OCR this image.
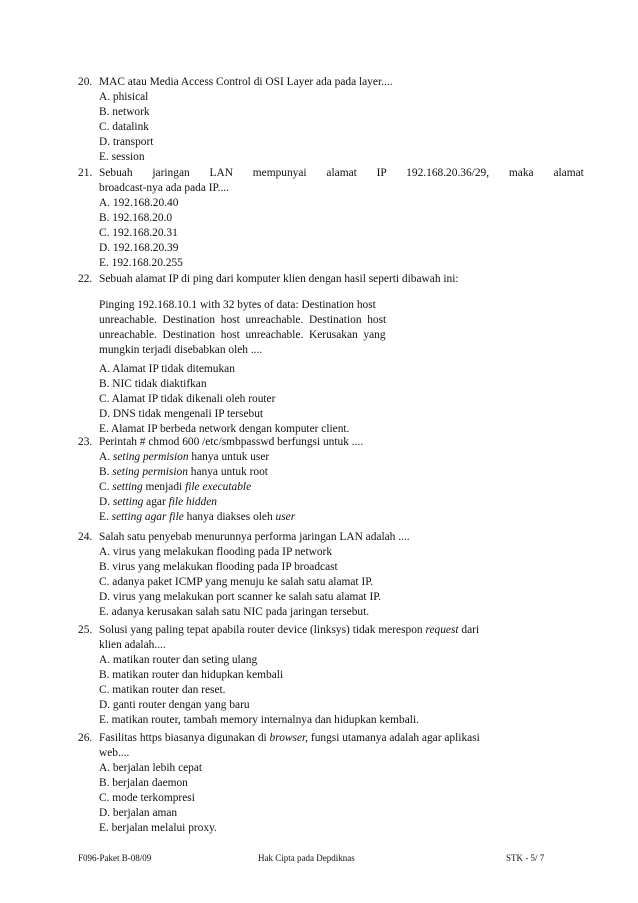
20. MAC atau Media Access Control di OSI Layer ada pada layer....
A. phisical
B. network
C. datalink
D. transport
E. session
21. Sebuah jaringan LAN mempunyai alamat IP 192.168.20.36/29, maka alamat
broadcast-nya ada pada IP....
A. 192.168.20.40
B. 192.168.20.0
C. 192.168.20.31
D. 192.168.20.39
E. 192.168.20.255
22. Sebuah alamat IP di ping dari komputer klien dengan hasil seperti dibawah ini:
Pinging 192.168.10.1 with 32 bytes of data: Destination host
unreachable.  Destination  host  unreachable.  Destination  host
unreachable.  Destination  host  unreachable.  Kerusakan  yang
mungkin terjadi disebabkan oleh ....
A. Alamat IP tidak ditemukan
B. NIC tidak diaktifkan
C. Alamat IP tidak dikenali oleh router
D. DNS tidak mengenali IP tersebut
E. Alamat IP berbeda network dengan komputer client.
23. Perintah # chmod 600 /etc/smbpasswd berfungsi untuk ....
A. seting permision hanya untuk user
B. seting permision hanya untuk root
C. setting menjadi file executable
D. setting agar file hidden
E. setting agar file hanya diakses oleh user
24. Salah satu penyebab menurunnya performa jaringan LAN adalah ....
A. virus yang melakukan flooding pada IP network
B. virus yang melakukan flooding pada IP broadcast
C. adanya paket ICMP yang menuju ke salah satu alamat IP.
D. virus yang melakukan port scanner ke salah satu alamat IP.
E. adanya kerusakan salah satu NIC pada jaringan tersebut.
25. Solusi yang paling tepat apabila router device (linksys) tidak merespon request dari
klien adalah....
A. matikan router dan seting ulang
B. matikan router dan hidupkan kembali
C. matikan router dan reset.
D. ganti router dengan yang baru
E. matikan router, tambah memory internalnya dan hidupkan kembali.
26. Fasilitas https biasanya digunakan di browser, fungsi utamanya adalah agar aplikasi
web....
A. berjalan lebih cepat
B. berjalan daemon
C. mode terkompresi
D. berjalan aman
E. berjalan melalui proxy.
F096-Paket B-08/09	Hak Cipta pada Depdiknas	STK - 5/ 7
